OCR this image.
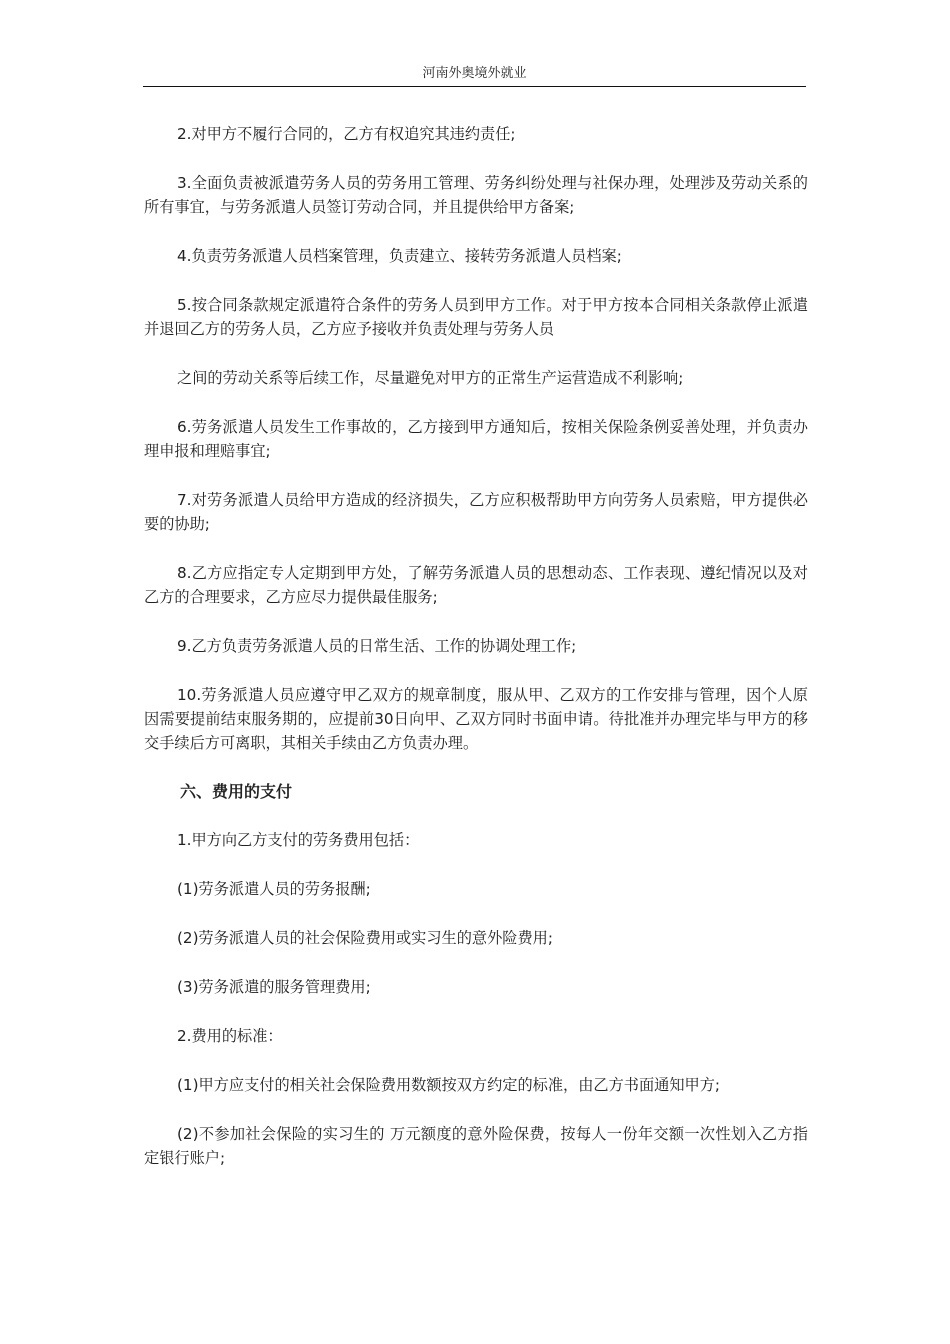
河南外奥境外就业

2.对甲方不履行合同的，乙方有权追究其违约责任;

3.全面负责被派遣劳务人员的劳务用工管理、劳务纠纷处理与社保办理，处理涉及劳动关系的所有事宜，与劳务派遣人员签订劳动合同，并且提供给甲方备案;

4.负责劳务派遣人员档案管理，负责建立、接转劳务派遣人员档案;

5.按合同条款规定派遣符合条件的劳务人员到甲方工作。对于甲方按本合同相关条款停止派遣并退回乙方的劳务人员，乙方应予接收并负责处理与劳务人员

之间的劳动关系等后续工作，尽量避免对甲方的正常生产运营造成不利影响;

6.劳务派遣人员发生工作事故的，乙方接到甲方通知后，按相关保险条例妥善处理，并负责办理申报和理赔事宜;

7.对劳务派遣人员给甲方造成的经济损失，乙方应积极帮助甲方向劳务人员索赔，甲方提供必要的协助;

8.乙方应指定专人定期到甲方处，了解劳务派遣人员的思想动态、工作表现、遵纪情况以及对乙方的合理要求，乙方应尽力提供最佳服务;

9.乙方负责劳务派遣人员的日常生活、工作的协调处理工作;

10.劳务派遣人员应遵守甲乙双方的规章制度，服从甲、乙双方的工作安排与管理，因个人原因需要提前结束服务期的，应提前30日向甲、乙双方同时书面申请。待批准并办理完毕与甲方的移交手续后方可离职，其相关手续由乙方负责办理。

六、费用的支付

1.甲方向乙方支付的劳务费用包括：

(1)劳务派遣人员的劳务报酬;

(2)劳务派遣人员的社会保险费用或实习生的意外险费用;

(3)劳务派遣的服务管理费用;

2.费用的标准：

(1)甲方应支付的相关社会保险费用数额按双方约定的标准，由乙方书面通知甲方;

(2)不参加社会保险的实习生的 万元额度的意外险保费，按每人一份年交额一次性划入乙方指定银行账户;
